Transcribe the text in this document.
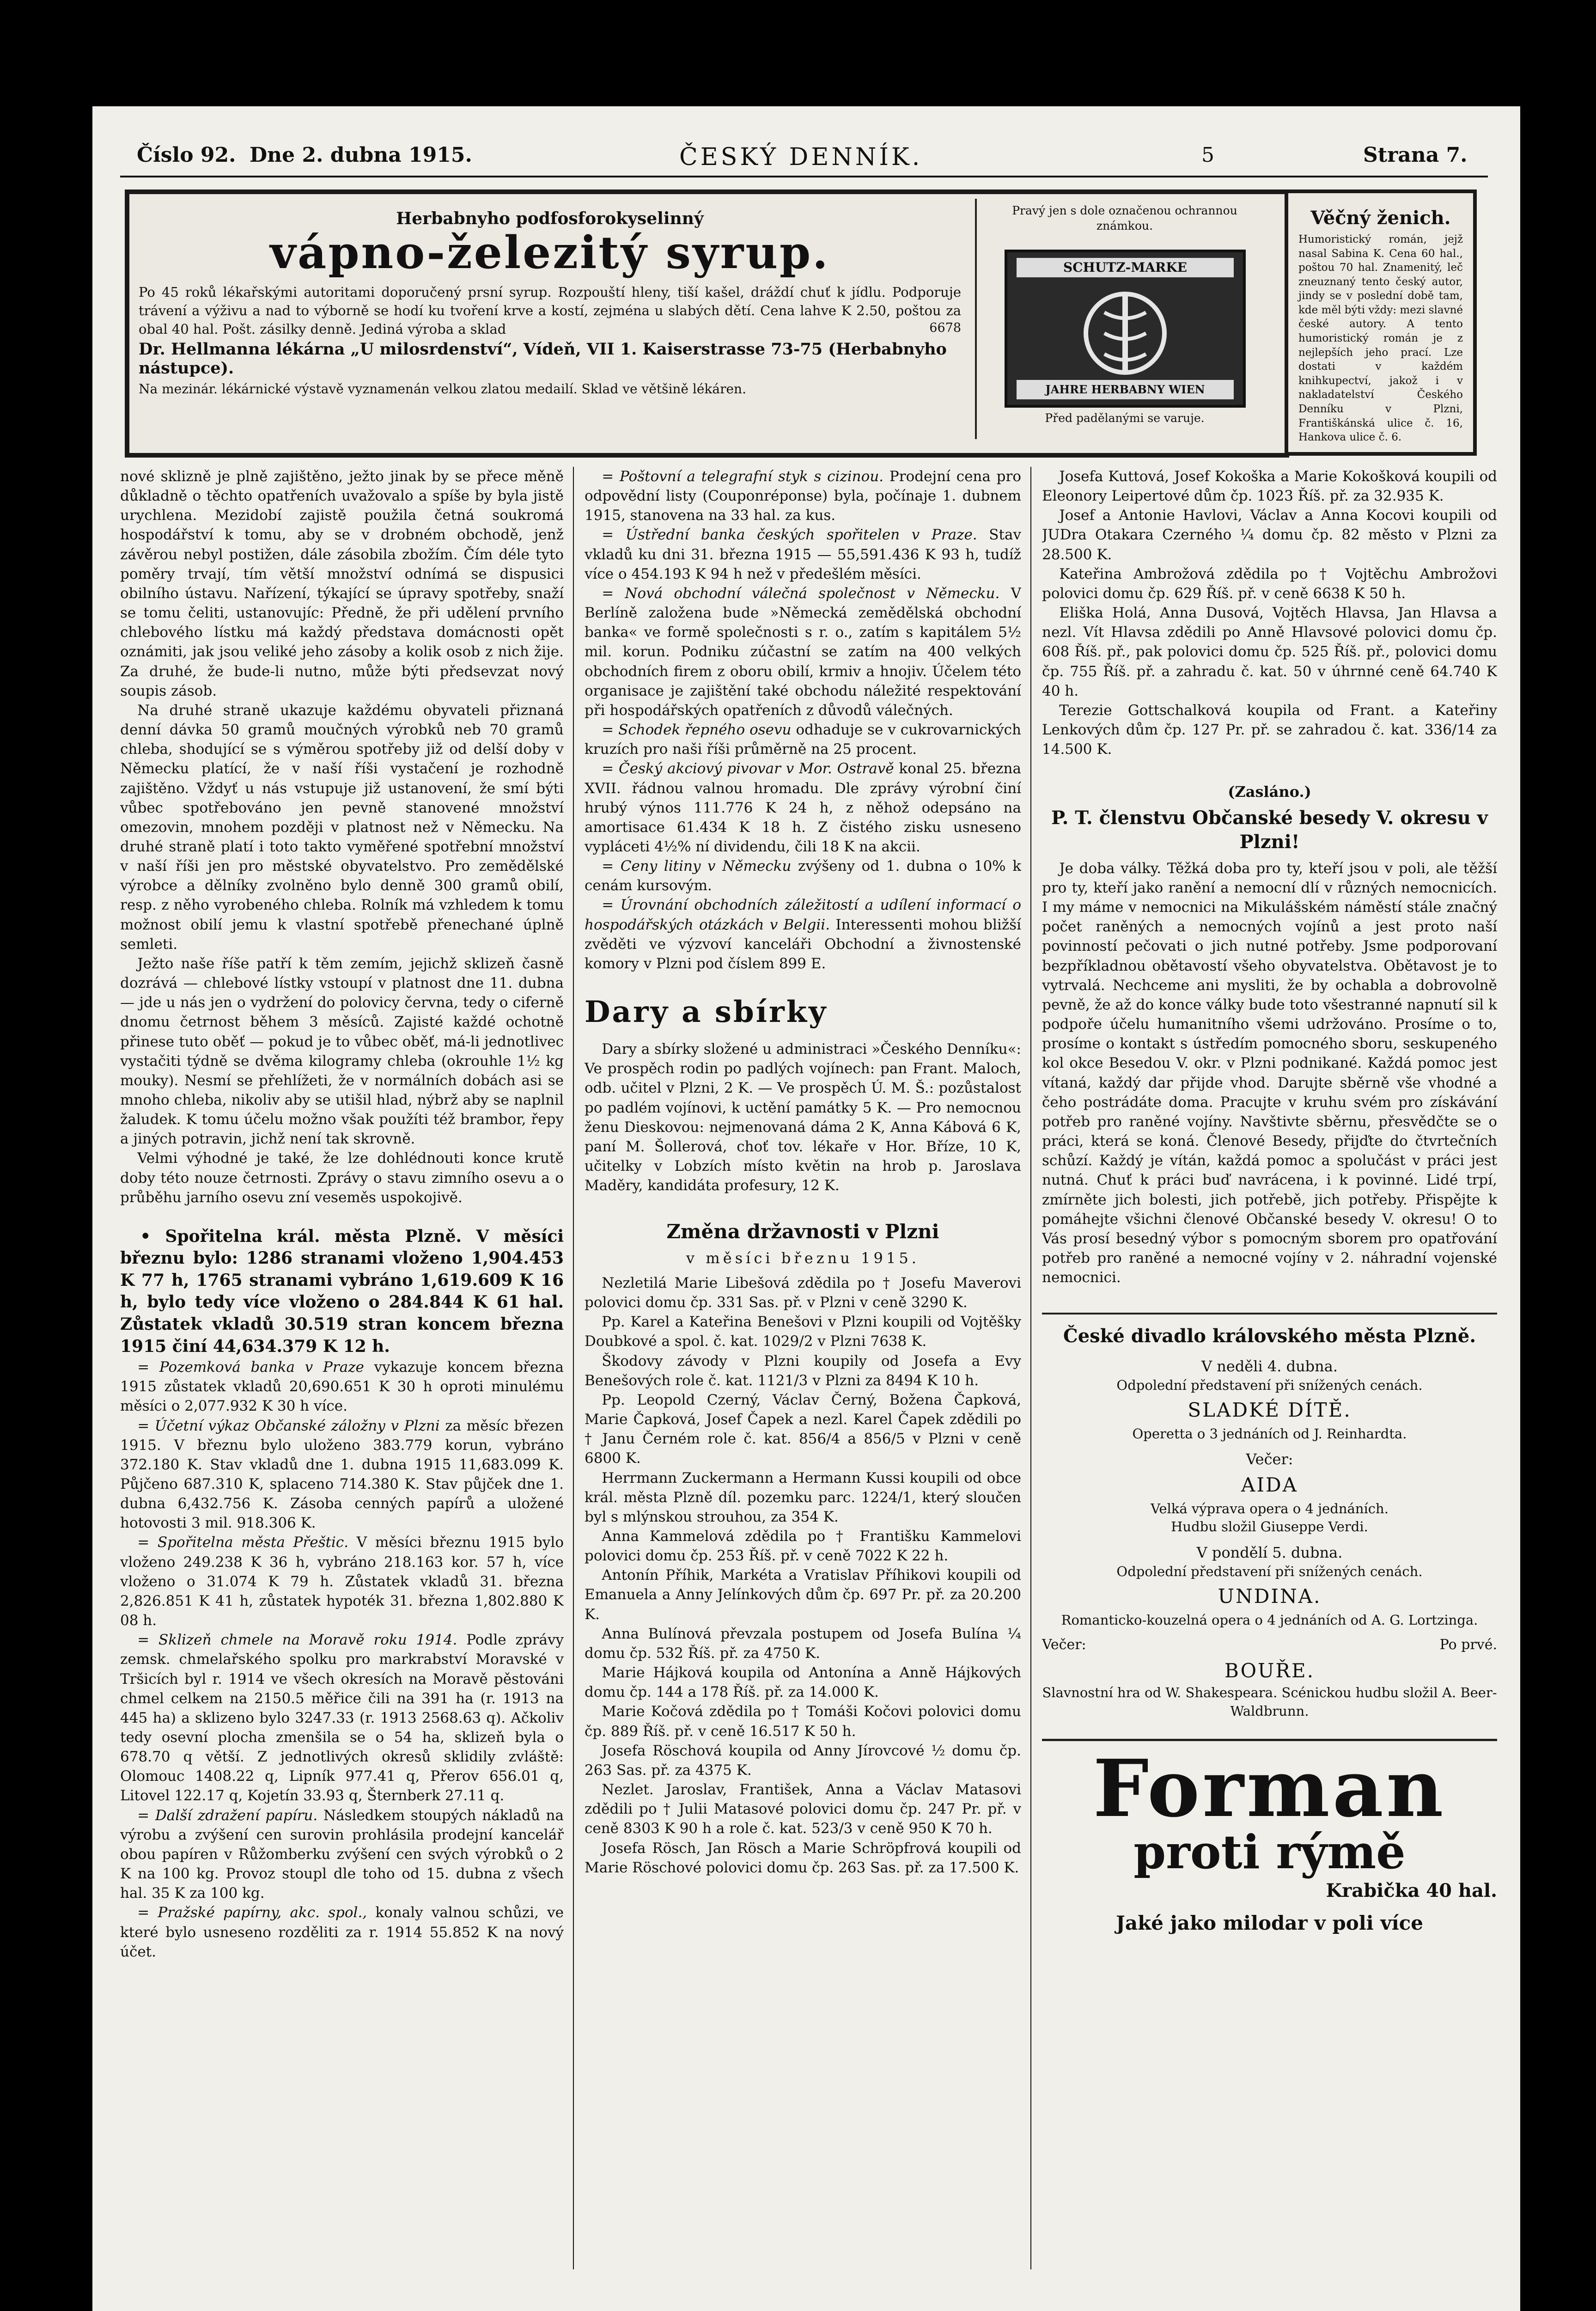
Číslo 92. Dne 2. dubna 1915.	ČESKÝ DENNÍK.	5	Strana 7.
Herbabnyho podfosforokyselinný
vápno-železitý syrup.
Po 45 roků lékařskými autoritami doporučený prsní syrup. Rozpouští hleny, tiší kašel, dráždí chuť k jídlu. Podporuje trávení a výživu a nad to výborně se hodí ku tvoření krve a kostí, zejména u slabých dětí. Cena lahve K 2.50, poštou za obal 40 hal. Pošt. zásilky denně. Jediná výroba a sklad	6678
Dr. Hellmanna lékárna „U milosrdenství“, Vídeň, VII 1. Kaiserstrasse 73-75 (Herbabnyho nástupce).
Na mezinár. lékárnické výstavě vyznamenán velkou zlatou medailí. Sklad ve většině lékáren.
Pravý jen s dole označenou ochrannou známkou.
SCHUTZ-MARKE
JAHRE HERBABNY WIEN
Před padělanými se varuje.
Věčný ženich.
Humoristický román, jejž nasal Sabina K. Cena 60 hal., poštou 70 hal. Znamenitý, leč zneuznaný tento český autor, jindy se v poslední době tam, kde měl býti vždy: mezi slavné české autory. A tento humoristický román je z nejlepších jeho prací. Lze dostati v každém knihkupectví, jakož i v nakladatelství Českého Denníku v Plzni, Františkánská ulice č. 16, Hankova ulice č. 6.

nové sklizně je plně zajištěno, ježto jinak by se přece měně důkladně o těchto opatřeních uvažovalo a spíše by byla jistě urychlena. Mezidobí zajistě použila četná soukromá hospodářství k tomu, aby se v drobném obchodě, jenž závěrou nebyl postižen, dále zásobila zbožím. Čím déle tyto poměry trvají, tím větší množství odnímá se dispusici obilního ústavu. Nařízení, týkající se úpravy spotřeby, snaží se tomu čeliti, ustanovujíc: Předně, že při udělení prvního chlebového lístku má každý představa domácnosti opět oznámiti, jak jsou veliké jeho zásoby a kolik osob z nich žije. Za druhé, že bude-li nutno, může býti předsevzat nový soupis zásob.

Na druhé straně ukazuje každému obyvateli přiznaná denní dávka 50 gramů moučných výrobků neb 70 gramů chleba, shodující se s výměrou spotřeby již od delší doby v Německu platící, že v naší říši vystačení je rozhodně zajištěno. Vždyť u nás vstupuje již ustanovení, že smí býti vůbec spotřebováno jen pevně stanovené množství omezovin, mnohem později v platnost než v Německu. Na druhé straně platí i toto takto vyměřené spotřební množství v naší říši jen pro městské obyvatelstvo. Pro zemědělské výrobce a dělníky zvolněno bylo denně 300 gramů obilí, resp. z něho vyrobeného chleba. Rolník má vzhledem k tomu možnost obilí jemu k vlastní spotřebě přenechané úplně semleti.

Ježto naše říše patří k těm zemím, jejichž sklizeň časně dozrává — chlebové lístky vstoupí v platnost dne 11. dubna — jde u nás jen o vydržení do polovicy června, tedy o ciferně dnomu četrnost během 3 měsíců. Zajisté každé ochotně přinese tuto oběť — pokud je to vůbec oběť, má-li jednotlivec vystačiti týdně se dvěma kilogramy chleba (okrouhle 1½ kg mouky). Nesmí se přehlížeti, že v normálních dobách asi se mnoho chleba, nikoliv aby se utišil hlad, nýbrž aby se naplnil žaludek. K tomu účelu možno však použíti též brambor, řepy a jiných potravin, jichž není tak skrovně.

Velmi výhodné je také, že lze dohlédnouti konce krutě doby této nouze četrnosti. Zprávy o stavu zimního osevu a o průběhu jarního osevu zní veseměs uspokojivě.

• Spořitelna král. města Plzně. V měsíci březnu bylo: 1286 stranami vloženo 1,904.453 K 77 h, 1765 stranami vybráno 1,619.609 K 16 h, bylo tedy více vloženo o 284.844 K 61 hal. Zůstatek vkladů 30.519 stran koncem března 1915 činí 44,634.379 K 12 h.

= Pozemková banka v Praze vykazuje koncem března 1915 zůstatek vkladů 20,690.651 K 30 h oproti minulému měsíci o 2,077.932 K 30 h více.

= Účetní výkaz Občanské záložny v Plzni za měsíc březen 1915. V březnu bylo uloženo 383.779 korun, vybráno 372.180 K. Stav vkladů dne 1. dubna 1915 11,683.099 K. Půjčeno 687.310 K, splaceno 714.380 K. Stav půjček dne 1. dubna 6,432.756 K. Zásoba cenných papírů a uložené hotovosti 3 mil. 918.306 K.

= Spořitelna města Přeštic. V měsíci březnu 1915 bylo vloženo 249.238 K 36 h, vybráno 218.163 kor. 57 h, více vloženo o 31.074 K 79 h. Zůstatek vkladů 31. března 2,826.851 K 41 h, zůstatek hypoték 31. března 1,802.880 K 08 h.

= Sklizeň chmele na Moravě roku 1914. Podle zprávy zemsk. chmelařského spolku pro markrabství Moravské v Tršicích byl r. 1914 ve všech okresích na Moravě pěstováni chmel celkem na 2150.5 měřice čili na 391 ha (r. 1913 na 445 ha) a sklizeno bylo 3247.33 (r. 1913 2568.63 q). Ačkoliv tedy osevní plocha zmenšila se o 54 ha, sklizeň byla o 678.70 q větší. Z jednotlivých okresů sklidily zvláště: Olomouc 1408.22 q, Lipník 977.41 q, Přerov 656.01 q, Litovel 122.17 q, Kojetín 33.93 q, Šternberk 27.11 q.

= Další zdražení papíru. Následkem stoupých nákladů na výrobu a zvýšení cen surovin prohlásila prodejní kancelář obou papíren v Růžomberku zvýšení cen svých výrobků o 2 K na 100 kg. Provoz stoupl dle toho od 15. dubna z všech hal. 35 K za 100 kg.

= Pražské papírny, akc. spol., konaly valnou schůzi, ve které bylo usneseno rozděliti za r. 1914 55.852 K na nový účet.

= Poštovní a telegrafní styk s cizinou. Prodejní cena pro odpovědní listy (Couponréponse) byla, počínaje 1. dubnem 1915, stanovena na 33 hal. za kus.

= Ústřední banka českých spořitelen v Praze. Stav vkladů ku dni 31. března 1915 — 55,591.436 K 93 h, tudíž více o 454.193 K 94 h než v předešlém měsíci.

= Nová obchodní válečná společnost v Německu. V Berlíně založena bude »Německá zemědělská obchodní banka« ve formě společnosti s r. o., zatím s kapitálem 5½ mil. korun. Podniku zúčastní se zatím na 400 velkých obchodních firem z oboru obilí, krmiv a hnojiv. Účelem této organisace je zajištění také obchodu náležité respektování při hospodářských opatřeních z důvodů válečných.

= Schodek řepného osevu odhaduje se v cukrovarnických kruzích pro naši říši průměrně na 25 procent.

= Český akciový pivovar v Mor. Ostravě konal 25. března XVII. řádnou valnou hromadu. Dle zprávy výrobní činí hrubý výnos 111.776 K 24 h, z něhož odepsáno na amortisace 61.434 K 18 h. Z čistého zisku usneseno vypláceti 4½% ní dividendu, čili 18 K na akcii.

= Ceny litiny v Německu zvýšeny od 1. dubna o 10% k cenám kursovým.

= Úrovnání obchodních záležitostí a udílení informací o hospodářských otázkách v Belgii. Interessenti mohou bližší zvěděti ve výzvoví kanceláři Obchodní a živnostenské komory v Plzni pod číslem 899 E.

Dary a sbírky

Dary a sbírky složené u administraci »Českého Denníku«: Ve prospěch rodin po padlých vojínech: pan Frant. Maloch, odb. učitel v Plzni, 2 K. — Ve prospěch Ú. M. Š.: pozůstalost po padlém vojínovi, k uctění památky 5 K. — Pro nemocnou ženu Dieskovou: nejmenovaná dáma 2 K, Anna Kábová 6 K, paní M. Šollerová, choť tov. lékaře v Hor. Bříze, 10 K, učitelky v Lobzích místo květin na hrob p. Jaroslava Maděry, kandidáta profesury, 12 K.

Změna državnosti v Plzni
v měsíci březnu 1915.

Nezletilá Marie Libešová zdědila po † Josefu Maverovi polovici domu čp. 331 Sas. př. v Plzni v ceně 3290 K.

Pp. Karel a Kateřina Benešovi v Plzni koupili od Vojtěšky Doubkové a spol. č. kat. 1029/2 v Plzni 7638 K.

Škodovy závody v Plzni koupily od Josefa a Evy Benešových role č. kat. 1121/3 v Plzni za 8494 K 10 h.

Pp. Leopold Czerný, Václav Černý, Božena Čapková, Marie Čapková, Josef Čapek a nezl. Karel Čapek zdědili po † Janu Černém role č. kat. 856/4 a 856/5 v Plzni v ceně 6800 K.

Herrmann Zuckermann a Hermann Kussi koupili od obce král. města Plzně díl. pozemku parc. 1224/1, který sloučen byl s mlýnskou strouhou, za 354 K.

Anna Kammelová zdědila po † Františku Kammelovi polovici domu čp. 253 Říš. př. v ceně 7022 K 22 h.

Antonín Příhik, Markéta a Vratislav Příhikovi koupili od Emanuela a Anny Jelínkových dům čp. 697 Pr. př. za 20.200 K.

Anna Bulínová převzala postupem od Josefa Bulína ¼ domu čp. 532 Říš. př. za 4750 K.

Marie Hájková koupila od Antonína a Anně Hájkových domu čp. 144 a 178 Říš. př. za 14.000 K.

Marie Kočová zdědila po † Tomáši Kočovi polovici domu čp. 889 Říš. př. v ceně 16.517 K 50 h.

Josefa Röschová koupila od Anny Jírovcové ½ domu čp. 263 Sas. př. za 4375 K.

Nezlet. Jaroslav, František, Anna a Václav Matasovi zdědili po † Julii Matasové polovici domu čp. 247 Pr. př. v ceně 8303 K 90 h a role č. kat. 523/3 v ceně 950 K 70 h.

Josefa Rösch, Jan Rösch a Marie Schröpfrová koupili od Marie Röschové polovici domu čp. 263 Sas. př. za 17.500 K.

Josefa Kuttová, Josef Kokoška a Marie Kokošková koupili od Eleonory Leipertové dům čp. 1023 Říš. př. za 32.935 K.

Josef a Antonie Havlovi, Václav a Anna Kocovi koupili od JUDra Otakara Czerného ¼ domu čp. 82 město v Plzni za 28.500 K.

Kateřina Ambrožová zdědila po † Vojtěchu Ambrožovi polovici domu čp. 629 Říš. př. v ceně 6638 K 50 h.

Eliška Holá, Anna Dusová, Vojtěch Hlavsa, Jan Hlavsa a nezl. Vít Hlavsa zdědili po Anně Hlavsové polovici domu čp. 608 Říš. př., pak polovici domu čp. 525 Říš. př., polovici domu čp. 755 Říš. př. a zahradu č. kat. 50 v úhrnné ceně 64.740 K 40 h.

Terezie Gottschalková koupila od Frant. a Kateřiny Lenkových dům čp. 127 Pr. př. se zahradou č. kat. 336/14 za 14.500 K.

(Zasláno.)
P. T. členstvu Občanské besedy V. okresu v Plzni!

Je doba války. Těžká doba pro ty, kteří jsou v poli, ale těžší pro ty, kteří jako ranění a nemocní dlí v různých nemocnicích. I my máme v nemocnici na Mikulášském náměstí stále značný počet raněných a nemocných vojínů a jest proto naší povinností pečovati o jich nutné potřeby. Jsme podporovaní bezpříkladnou obětavostí všeho obyvatelstva. Obětavost je to vytrvalá. Nechceme ani mysliti, že by ochabla a dobrovolně pevně, že až do konce války bude toto všestranné napnutí sil k podpoře účelu humanitního všemi udržováno. Prosíme o to, prosíme o kontakt s ústředím pomocného sboru, seskupeného kol okce Besedou V. okr. v Plzni podnikané. Každá pomoc jest vítaná, každý dar přijde vhod. Darujte sběrně vše vhodné a čeho postrádáte doma. Pracujte v kruhu svém pro získávání potřeb pro raněné vojíny. Navštivte sběrnu, přesvědčte se o práci, která se koná. Členové Besedy, přijďte do čtvrtečních schůzí. Každý je vítán, každá pomoc a spolučást v práci jest nutná. Chuť k práci buď navrácena, i k povinné. Lidé trpí, zmírněte jich bolesti, jich potřebě, jich potřeby. Přispějte k pomáhejte všichni členové Občanské besedy V. okresu! O to Vás prosí besedný výbor s pomocným sborem pro opatřování potřeb pro raněné a nemocné vojíny v 2. náhradní vojenské nemocnici.

České divadlo královského města Plzně.
V neděli 4. dubna.
Odpolední představení při snížených cenách.
SLADKÉ DÍTĚ.
Operetta o 3 jednáních od J. Reinhardta.
Večer:
AIDA
Velká výprava opera o 4 jednáních.
Hudbu složil Giuseppe Verdi.
V pondělí 5. dubna.
Odpolední představení při snížených cenách.
UNDINA.
Romanticko-kouzelná opera o 4 jednáních od A. G. Lortzinga.
Večer:	Po prvé.
BOUŘE.
Slavnostní hra od W. Shakespeara. Scénickou hudbu složil A. Beer-Waldbrunn.
Forman
proti rýmě
Krabička 40 hal.
Jaké jako milodar v poli více
